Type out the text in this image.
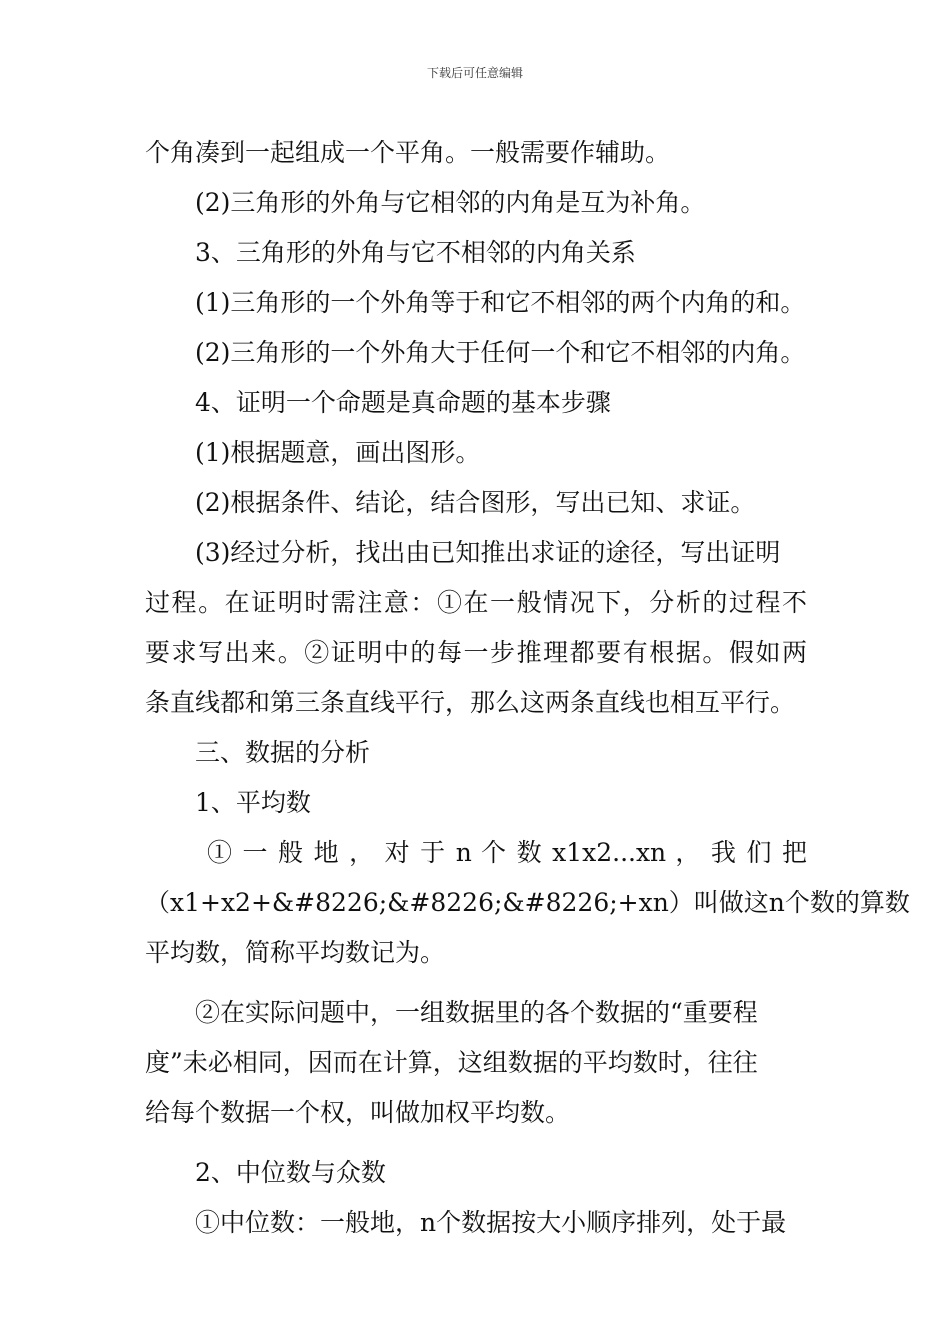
下载后可任意编辑
个角凑到一起组成一个平角。一般需要作辅助。
(2)三角形的外角与它相邻的内角是互为补角。
3、三角形的外角与它不相邻的内角关系
(1)三角形的一个外角等于和它不相邻的两个内角的和。
(2)三角形的一个外角大于任何一个和它不相邻的内角。
4、证明一个命题是真命题的基本步骤
(1)根据题意，画出图形。
(2)根据条件、结论，结合图形，写出已知、求证。
(3)经过分析，找出由已知推出求证的途径，写出证明
过程。在证明时需注意：①在一般情况下，分析的过程不
要求写出来。②证明中的每一步推理都要有根据。假如两
条直线都和第三条直线平行，那么这两条直线也相互平行。
三、数据的分析
1、平均数
① 一 般 地 ， 对 于 n 个 数 x1x2...xn ， 我 们 把
（x1+x2+&#8226;&#8226;&#8226;+xn）叫做这n个数的算数
平均数，简称平均数记为。
②在实际问题中，一组数据里的各个数据的“重要程
度”未必相同，因而在计算，这组数据的平均数时，往往
给每个数据一个权，叫做加权平均数。
2、中位数与众数
①中位数：一般地，n个数据按大小顺序排列，处于最
